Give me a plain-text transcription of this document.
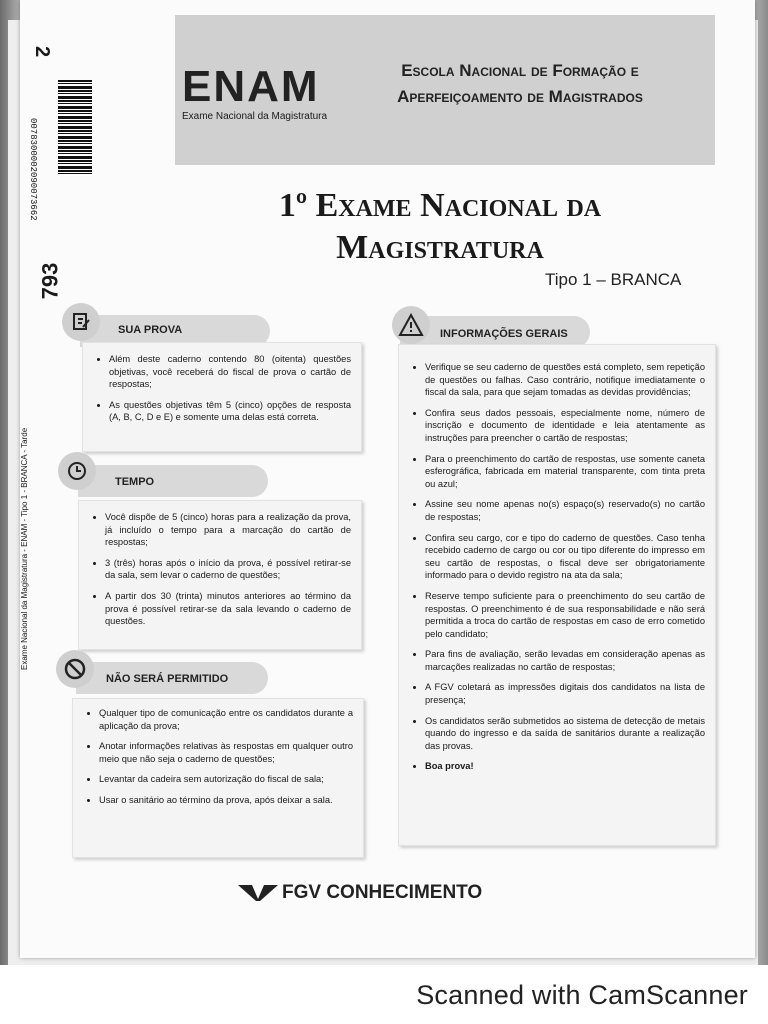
2
0078300002090073662
793
Exame Nacional da Magistratura - ENAM - Tipo 1 - BRANCA - Tarde
ENAM
Exame Nacional da Magistratura
Escola Nacional de Formação e
Aperfeiçoamento de Magistrados
1º Exame Nacional da
Magistratura
Tipo 1 – BRANCA
SUA PROVA
• Além deste caderno contendo 80 (oitenta) questões objetivas, você receberá do fiscal de prova o cartão de respostas;
• As questões objetivas têm 5 (cinco) opções de resposta (A, B, C, D e E) e somente uma delas está correta.
TEMPO
• Você dispõe de 5 (cinco) horas para a realização da prova, já incluído o tempo para a marcação do cartão de respostas;
• 3 (três) horas após o início da prova, é possível retirar-se da sala, sem levar o caderno de questões;
• A partir dos 30 (trinta) minutos anteriores ao término da prova é possível retirar-se da sala levando o caderno de questões.
NÃO SERÁ PERMITIDO
• Qualquer tipo de comunicação entre os candidatos durante a aplicação da prova;
• Anotar informações relativas às respostas em qualquer outro meio que não seja o caderno de questões;
• Levantar da cadeira sem autorização do fiscal de sala;
• Usar o sanitário ao término da prova, após deixar a sala.
INFORMAÇÕES GERAIS
• Verifique se seu caderno de questões está completo, sem repetição de questões ou falhas. Caso contrário, notifique imediatamente o fiscal da sala, para que sejam tomadas as devidas providências;
• Confira seus dados pessoais, especialmente nome, número de inscrição e documento de identidade e leia atentamente as instruções para preencher o cartão de respostas;
• Para o preenchimento do cartão de respostas, use somente caneta esferográfica, fabricada em material transparente, com tinta preta ou azul;
• Assine seu nome apenas no(s) espaço(s) reservado(s) no cartão de respostas;
• Confira seu cargo, cor e tipo do caderno de questões. Caso tenha recebido caderno de cargo ou cor ou tipo diferente do impresso em seu cartão de respostas, o fiscal deve ser obrigatoriamente informado para o devido registro na ata da sala;
• Reserve tempo suficiente para o preenchimento do seu cartão de respostas. O preenchimento é de sua responsabilidade e não será permitida a troca do cartão de respostas em caso de erro cometido pelo candidato;
• Para fins de avaliação, serão levadas em consideração apenas as marcações realizadas no cartão de respostas;
• A FGV coletará as impressões digitais dos candidatos na lista de presença;
• Os candidatos serão submetidos ao sistema de detecção de metais quando do ingresso e da saída de sanitários durante a realização das provas.
• Boa prova!
FGV CONHECIMENTO
Scanned with CamScanner
